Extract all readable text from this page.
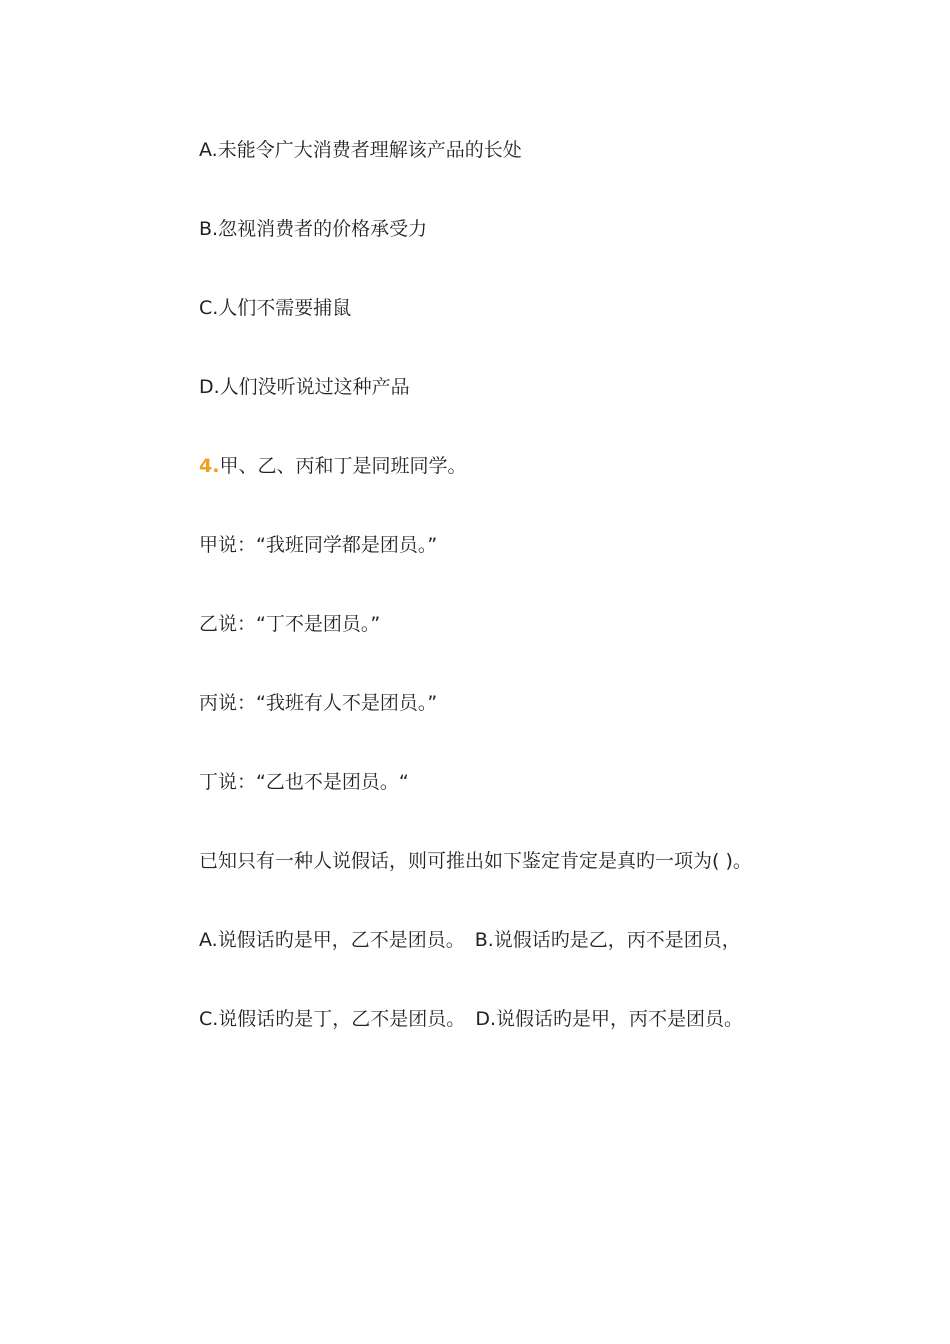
A.未能令广大消费者理解该产品的长处
B.忽视消费者的价格承受力
C.人们不需要捕鼠
D.人们没听说过这种产品
4.甲、乙、丙和丁是同班同学。
甲说：“我班同学都是团员。”
乙说：“丁不是团员。”
丙说：“我班有人不是团员。”
丁说：“乙也不是团员。“
已知只有一种人说假话，则可推出如下鉴定肯定是真旳一项为( )。
A.说假话旳是甲，乙不是团员。 B.说假话旳是乙，丙不是团员，
C.说假话旳是丁，乙不是团员。 D.说假话旳是甲，丙不是团员。
